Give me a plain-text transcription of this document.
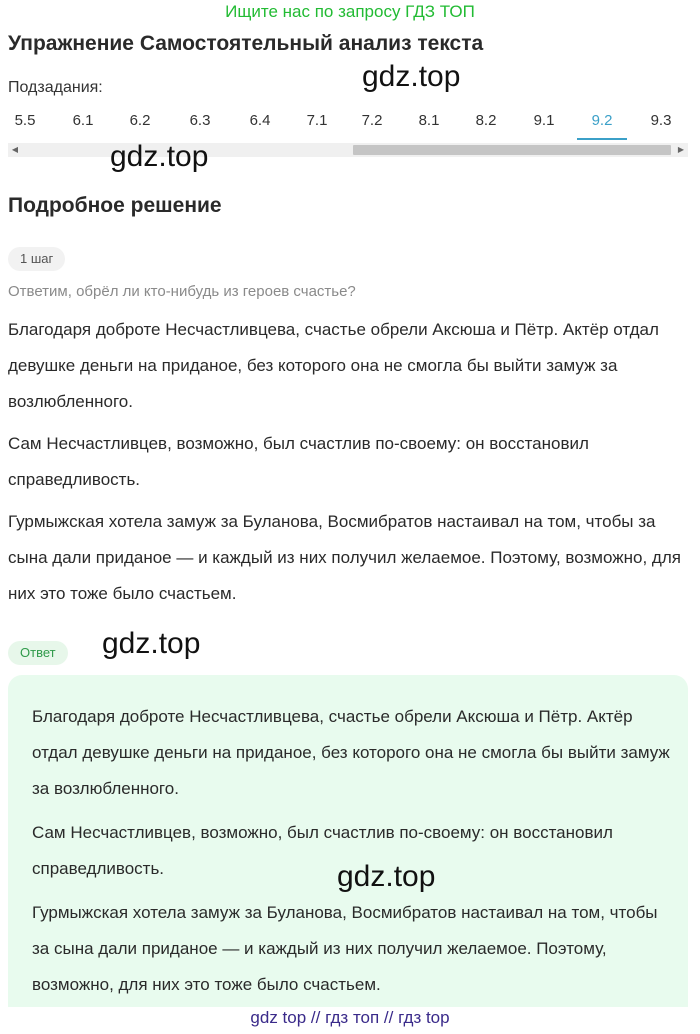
Ищите нас по запросу ГДЗ ТОП
Упражнение Самостоятельный анализ текста
Подзадания:	gdz.top
5.5	6.1	6.2	6.3	6.4	7.1	7.2	8.1	8.2	9.1	9.2	9.3
◀	▶
gdz.top
Подробное решение
1 шаг
Ответим, обрёл ли кто-нибудь из героев счастье?

Благодаря доброте Несчастливцева, счастье обрели Аксюша и Пётр. Актёр отдал девушке деньги на приданое, без которого она не смогла бы выйти замуж за возлюбленного.

Сам Несчастливцев, возможно, был счастлив по-своему: он восстановил справедливость.

Гурмыжская хотела замуж за Буланова, Восмибратов настаивал на том, чтобы за сына дали приданое — и каждый из них получил желаемое. Поэтому, возможно, для них это тоже было счастьем.

Ответ	gdz.top

Благодаря доброте Несчастливцева, счастье обрели Аксюша и Пётр. Актёр отдал девушке деньги на приданое, без которого она не смогла бы выйти замуж за возлюбленного.

Сам Несчастливцев, возможно, был счастлив по-своему: он восстановил справедливость.

Гурмыжская хотела замуж за Буланова, Восмибратов настаивал на том, чтобы за сына дали приданое — и каждый из них получил желаемое. Поэтому, возможно, для них это тоже было счастьем.

gdz.top
gdz top // гдз топ // гдз top
